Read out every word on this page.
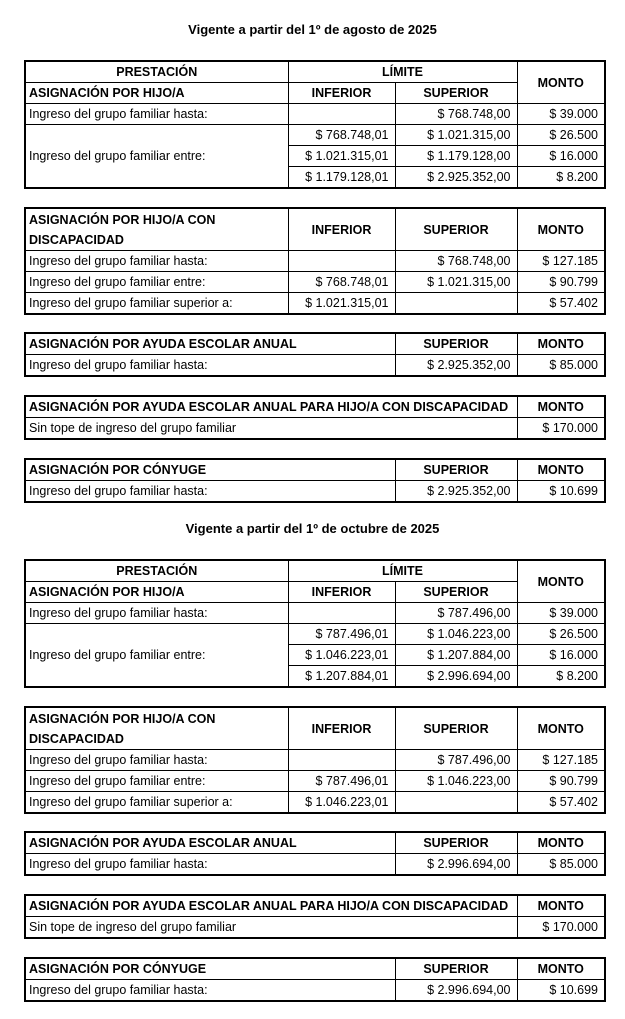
Vigente a partir del 1º de agosto de 2025
PRESTACIÓN	LÍMITE		MONTO
ASIGNACIÓN POR HIJO/A	INFERIOR	SUPERIOR	
Ingreso del grupo familiar hasta:		$ 768.748,00	$ 39.000
Ingreso del grupo familiar entre:	$ 768.748,01	$ 1.021.315,00	$ 26.500
	$ 1.021.315,01	$ 1.179.128,00	$ 16.000
	$ 1.179.128,01	$ 2.925.352,00	$ 8.200
ASIGNACIÓN POR HIJO/A CON DISCAPACIDAD	INFERIOR	SUPERIOR	MONTO
Ingreso del grupo familiar hasta:		$ 768.748,00	$ 127.185
Ingreso del grupo familiar entre:	$ 768.748,01	$ 1.021.315,00	$ 90.799
Ingreso del grupo familiar superior a:	$ 1.021.315,01		$ 57.402
ASIGNACIÓN POR AYUDA ESCOLAR ANUAL	SUPERIOR	MONTO
Ingreso del grupo familiar hasta:	$ 2.925.352,00	$ 85.000
ASIGNACIÓN POR AYUDA ESCOLAR ANUAL PARA HIJO/A CON DISCAPACIDAD	MONTO
Sin tope de ingreso del grupo familiar	$ 170.000
ASIGNACIÓN POR CÓNYUGE	SUPERIOR	MONTO
Ingreso del grupo familiar hasta:	$ 2.925.352,00	$ 10.699
Vigente a partir del 1º de octubre de 2025
PRESTACIÓN	LÍMITE		MONTO
ASIGNACIÓN POR HIJO/A	INFERIOR	SUPERIOR	
Ingreso del grupo familiar hasta:		$ 787.496,00	$ 39.000
Ingreso del grupo familiar entre:	$ 787.496,01	$ 1.046.223,00	$ 26.500
	$ 1.046.223,01	$ 1.207.884,00	$ 16.000
	$ 1.207.884,01	$ 2.996.694,00	$ 8.200
ASIGNACIÓN POR HIJO/A CON DISCAPACIDAD	INFERIOR	SUPERIOR	MONTO
Ingreso del grupo familiar hasta:		$ 787.496,00	$ 127.185
Ingreso del grupo familiar entre:	$ 787.496,01	$ 1.046.223,00	$ 90.799
Ingreso del grupo familiar superior a:	$ 1.046.223,01		$ 57.402
ASIGNACIÓN POR AYUDA ESCOLAR ANUAL	SUPERIOR	MONTO
Ingreso del grupo familiar hasta:	$ 2.996.694,00	$ 85.000
ASIGNACIÓN POR AYUDA ESCOLAR ANUAL PARA HIJO/A CON DISCAPACIDAD	MONTO
Sin tope de ingreso del grupo familiar	$ 170.000
ASIGNACIÓN POR CÓNYUGE	SUPERIOR	MONTO
Ingreso del grupo familiar hasta:	$ 2.996.694,00	$ 10.699
